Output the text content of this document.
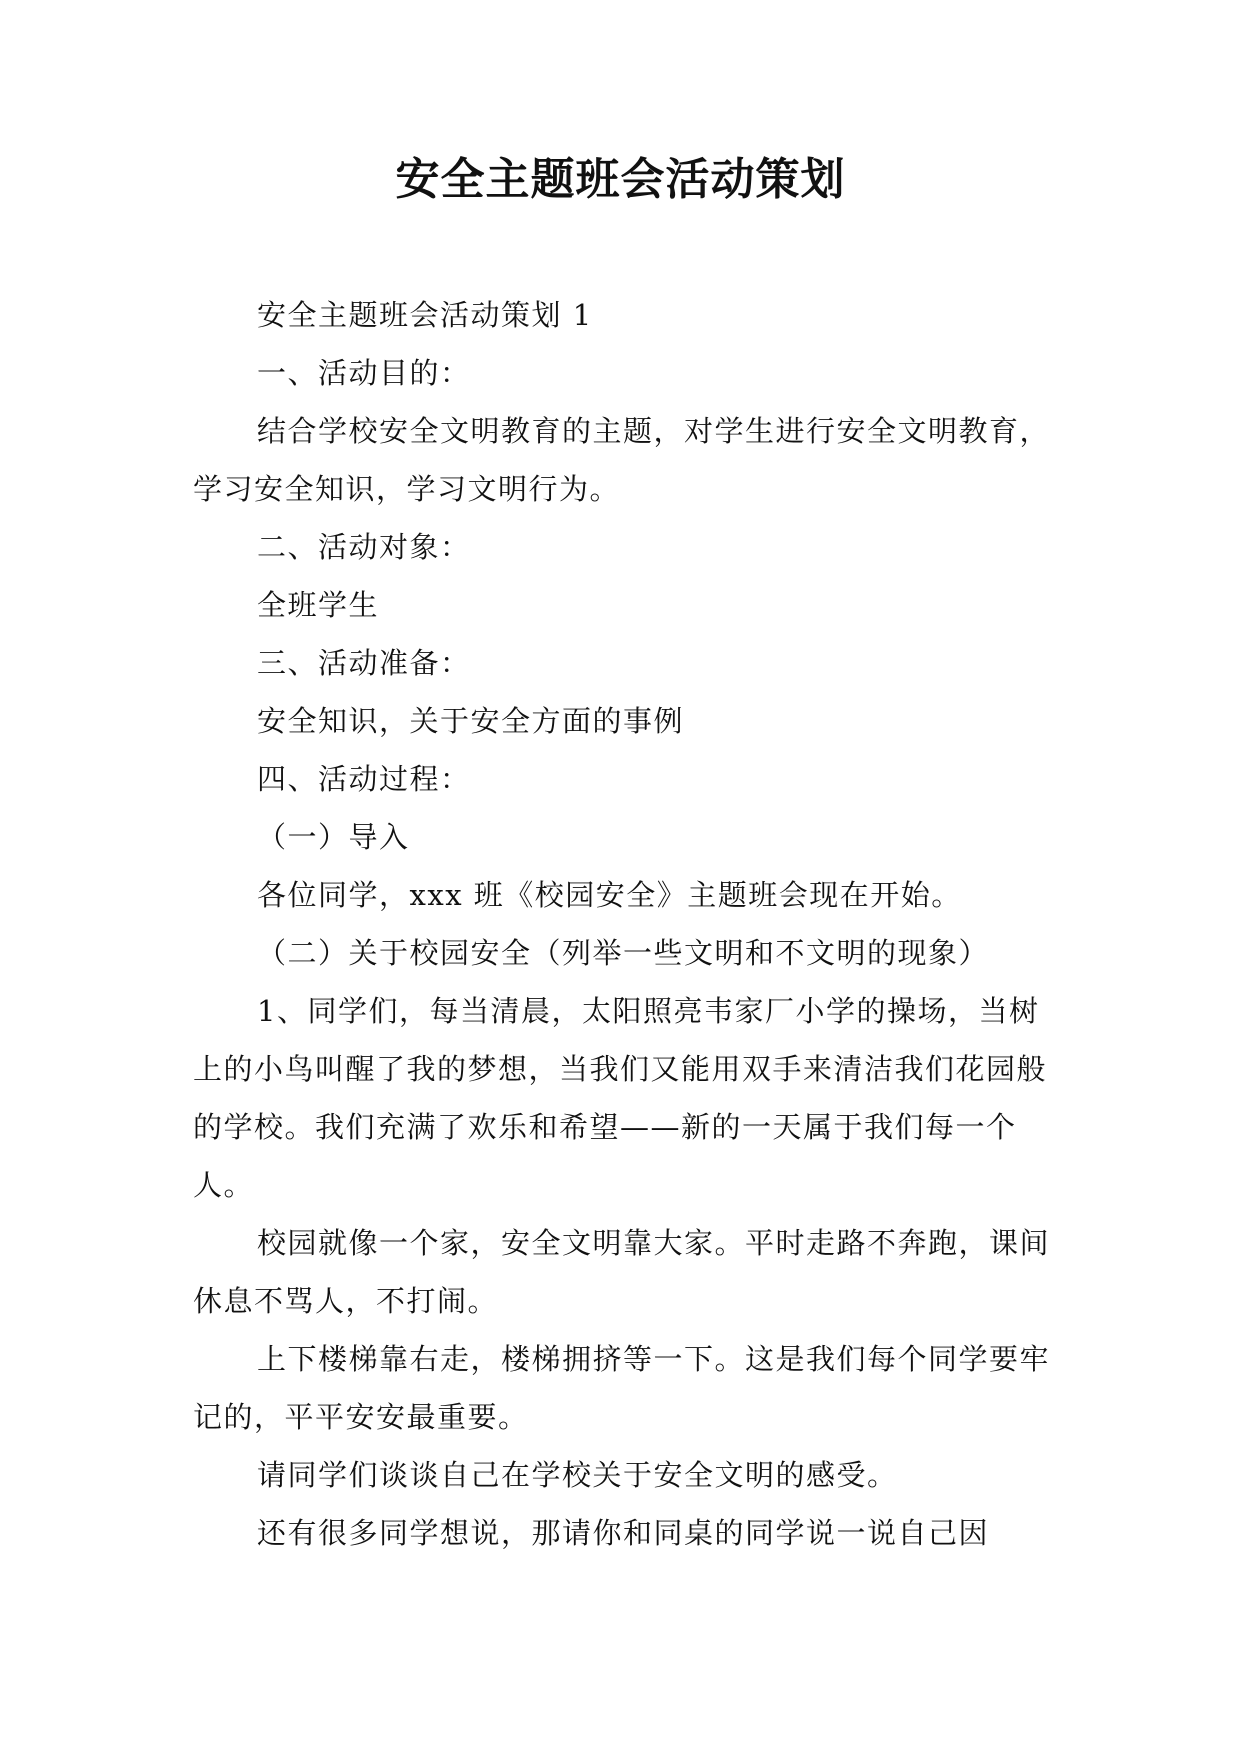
安全主题班会活动策划

安全主题班会活动策划 1

一、活动目的：

结合学校安全文明教育的主题，对学生进行安全文明教育，学习安全知识，学习文明行为。

二、活动对象：

全班学生

三、活动准备：

安全知识，关于安全方面的事例

四、活动过程：

（一）导入

各位同学，xxx 班《校园安全》主题班会现在开始。

（二）关于校园安全（列举一些文明和不文明的现象）

1、同学们，每当清晨，太阳照亮韦家厂小学的操场，当树上的小鸟叫醒了我的梦想，当我们又能用双手来清洁我们花园般的学校。我们充满了欢乐和希望——新的一天属于我们每一个人。

校园就像一个家，安全文明靠大家。平时走路不奔跑，课间休息不骂人，不打闹。

上下楼梯靠右走，楼梯拥挤等一下。这是我们每个同学要牢记的，平平安安最重要。

请同学们谈谈自己在学校关于安全文明的感受。

还有很多同学想说，那请你和同桌的同学说一说自己因
